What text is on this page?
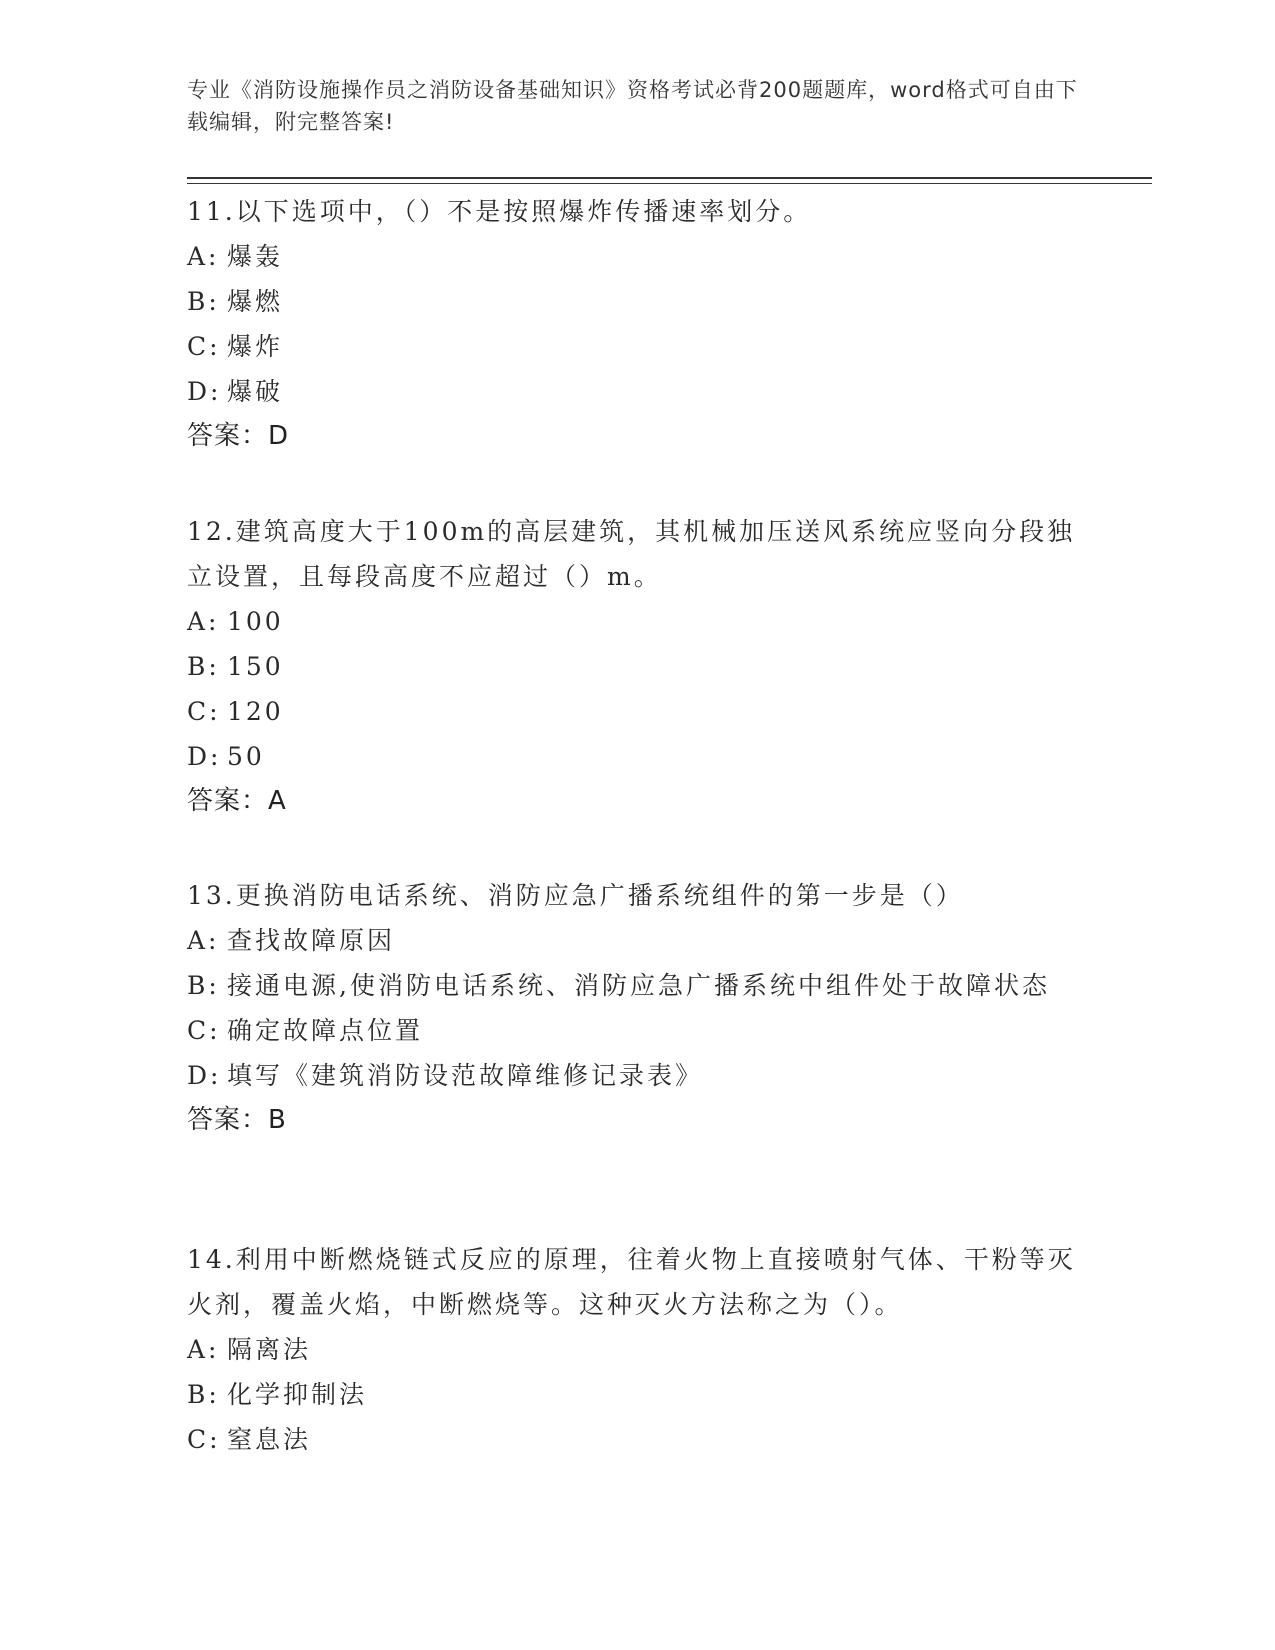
专业《消防设施操作员之消防设备基础知识》资格考试必背200题题库，word格式可自由下载编辑，附完整答案!
11.以下选项中，（）不是按照爆炸传播速率划分。
A: 爆轰
B: 爆燃
C: 爆炸
D: 爆破
答案：D
12.建筑高度大于100m的高层建筑，其机械加压送风系统应竖向分段独立设置，且每段高度不应超过（）m。
A: 100
B: 150
C: 120
D: 50
答案：A
13.更换消防电话系统、消防应急广播系统组件的第一步是（）
A: 查找故障原因
B: 接通电源,使消防电话系统、消防应急广播系统中组件处于故障状态
C: 确定故障点位置
D: 填写《建筑消防设范故障维修记录表》
答案：B
14.利用中断燃烧链式反应的原理，往着火物上直接喷射气体、干粉等灭火剂，覆盖火焰，中断燃烧等。这种灭火方法称之为（）。
A: 隔离法
B: 化学抑制法
C: 窒息法
